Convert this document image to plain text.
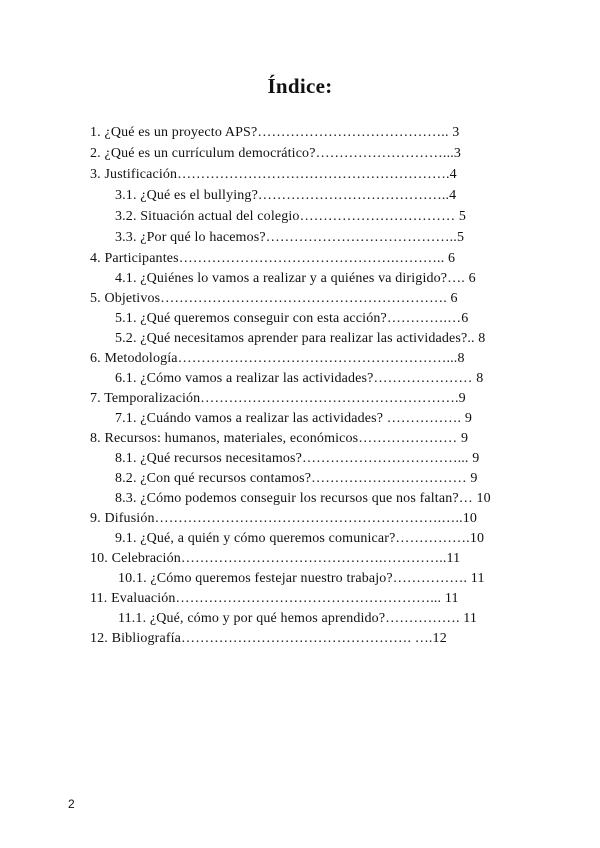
Índice:
1. ¿Qué es un proyecto APS?………………………………….. 3
2. ¿Qué es un currículum democrático?………………………...3
3. Justificación………………………………………………….4
3.1. ¿Qué es el bullying?…………………………………..4
3.2. Situación actual del colegio…………………………… 5
3.3. ¿Por qué lo hacemos?…………………………………..5
4. Participantes……………………………………….……….. 6
4.1. ¿Quiénes lo vamos a realizar y a quiénes va dirigido?…. 6
5. Objetivos……………………………………………………. 6
5.1. ¿Qué queremos conseguir con esta acción?………….…6
5.2. ¿Qué necesitamos aprender para realizar las actividades?.. 8
6. Metodología…………………………………………………...8
6.1. ¿Cómo vamos a realizar las actividades?………………… 8
7. Temporalización……………………………………………….9
7.1. ¿Cuándo vamos a realizar las actividades? ……………. 9
8. Recursos: humanos, materiales, económicos………………… 9
8.1. ¿Qué recursos necesitamos?……………………………... 9
8.2. ¿Con qué recursos contamos?…………………………… 9
8.3. ¿Cómo podemos conseguir los recursos que nos faltan?… 10
9. Difusión…………………………………………………….…..10
9.1. ¿Qué, a quién y cómo queremos comunicar?…………….10
10. Celebración…………………………………….…………..11
10.1. ¿Cómo queremos festejar nuestro trabajo?……………. 11
11. Evaluación………………………………………………... 11
11.1. ¿Qué, cómo y por qué hemos aprendido?……………. 11
12. Bibliografía…………………………………………. ….12
2
